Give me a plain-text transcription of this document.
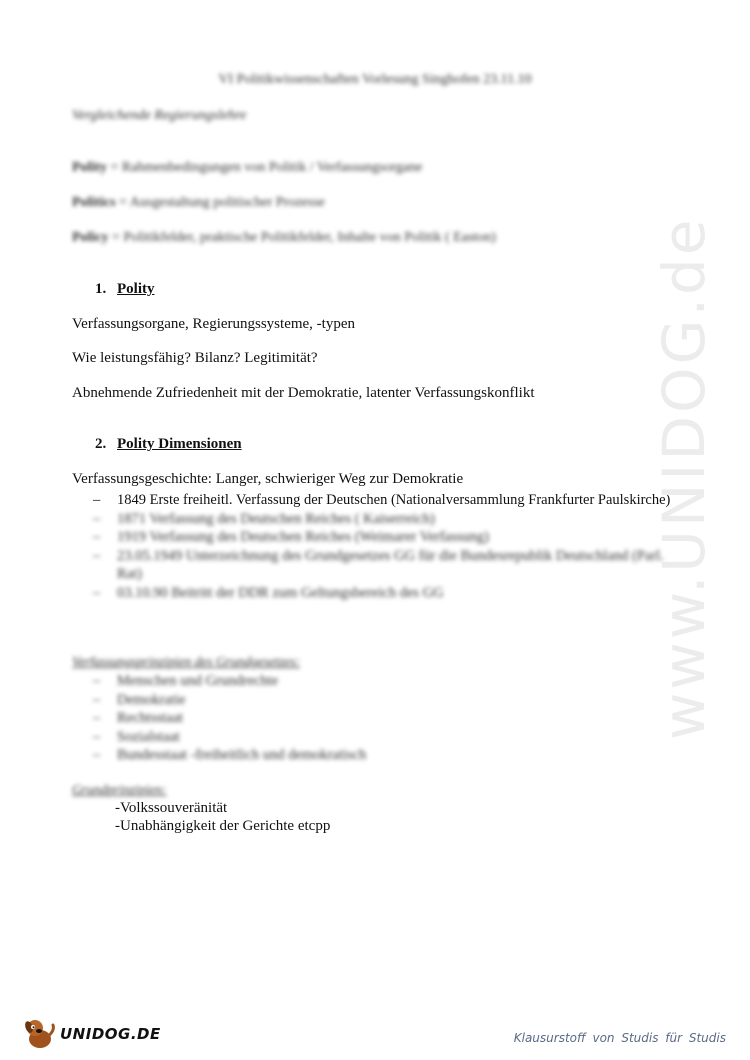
VI Politikwissenschaften Vorlesung Singhofen 23.11.10
Vergleichende Regierungslehre
Polity = Rahmenbedingungen von Politik / Verfassungsorgane
Politics = Ausgestaltung politischer Prozesse
Policy = Politikfelder, praktische Politikfelder, Inhalte von Politik ( Easton)
1. Polity
Verfassungsorgane, Regierungssysteme, -typen
Wie leistungsfähig? Bilanz? Legitimität?
Abnehmende Zufriedenheit mit der Demokratie, latenter Verfassungskonflikt
2. Polity Dimensionen
Verfassungsgeschichte: Langer, schwieriger Weg zur Demokratie
– 1849 Erste freiheitl. Verfassung der Deutschen (Nationalversammlung Frankfurter Paulskirche)
– 1871 Verfassung des Deutschen Reiches ( Kaiserreich)
– 1919 Verfassung des Deutschen Reiches (Weimarer Verfassung)
– 23.05.1949 Unterzeichnung des Grundgesetzes GG für die Bundesrepublik Deutschland (Parl. Rat)
– 03.10.90 Beitritt der DDR zum Geltungsbereich des GG
Verfassungsprinzipien des Grundgesetzes:
– Menschen und Grundrechte
– Demokratie
– Rechtsstaat
– Sozialstaat
– Bundesstaat -freiheitlich und demokratisch
Grundprinzipien:
-Volkssouveränität
-Unabhängigkeit der Gerichte etcpp
www.UNIDOG.de
UNIDOG.DE	Klausurstoff von Studis für Studis
